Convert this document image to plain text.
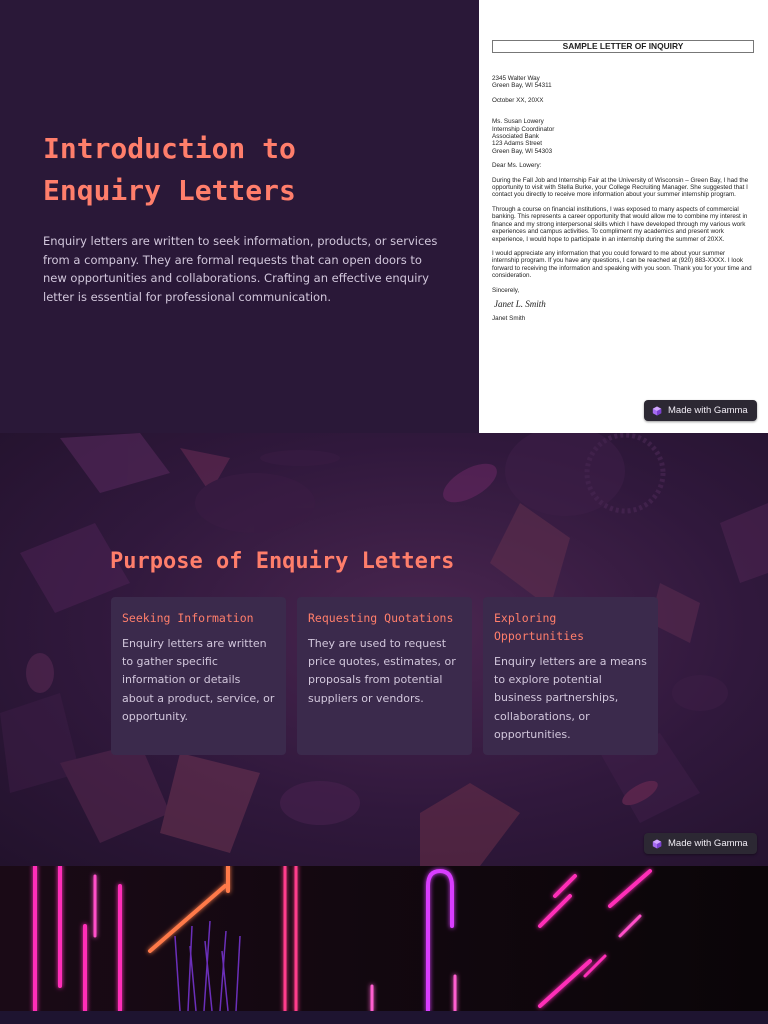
Introduction to
Enquiry Letters

Enquiry letters are written to seek information, products, or services from a company. They are formal requests that can open doors to new opportunities and collaborations. Crafting an effective enquiry letter is essential for professional communication.

SAMPLE LETTER OF INQUIRY

2345 Walter Way
Green Bay, WI 54311

October XX, 20XX

Ms. Susan Lowery
Internship Coordinator
Associated Bank
123 Adams Street
Green Bay, WI 54303

Dear Ms. Lowery:

During the Fall Job and Internship Fair at the University of Wisconsin – Green Bay, I had the opportunity to visit with Stella Burke, your College Recruiting Manager. She suggested that I contact you directly to receive more information about your summer internship program.

Through a course on financial institutions, I was exposed to many aspects of commercial banking. This represents a career opportunity that would allow me to combine my interest in finance and my strong interpersonal skills which I have developed through my various work experiences and campus activities. To compliment my academics and present work experience, I would hope to participate in an internship during the summer of 20XX.

I would appreciate any information that you could forward to me about your summer internship program. If you have any questions, I can be reached at (920) 883-XXXX. I look forward to receiving the information and speaking with you soon. Thank you for your time and consideration.

Sincerely,

Janet L. Smith

Janet Smith

Made with Gamma
Purpose of Enquiry Letters
Seeking Information
Enquiry letters are written to gather specific information or details about a product, service, or opportunity.
Requesting Quotations
They are used to request price quotes, estimates, or proposals from potential suppliers or vendors.
Exploring Opportunities
Enquiry letters are a means to explore potential business partnerships, collaborations, or opportunities.
Made with Gamma
